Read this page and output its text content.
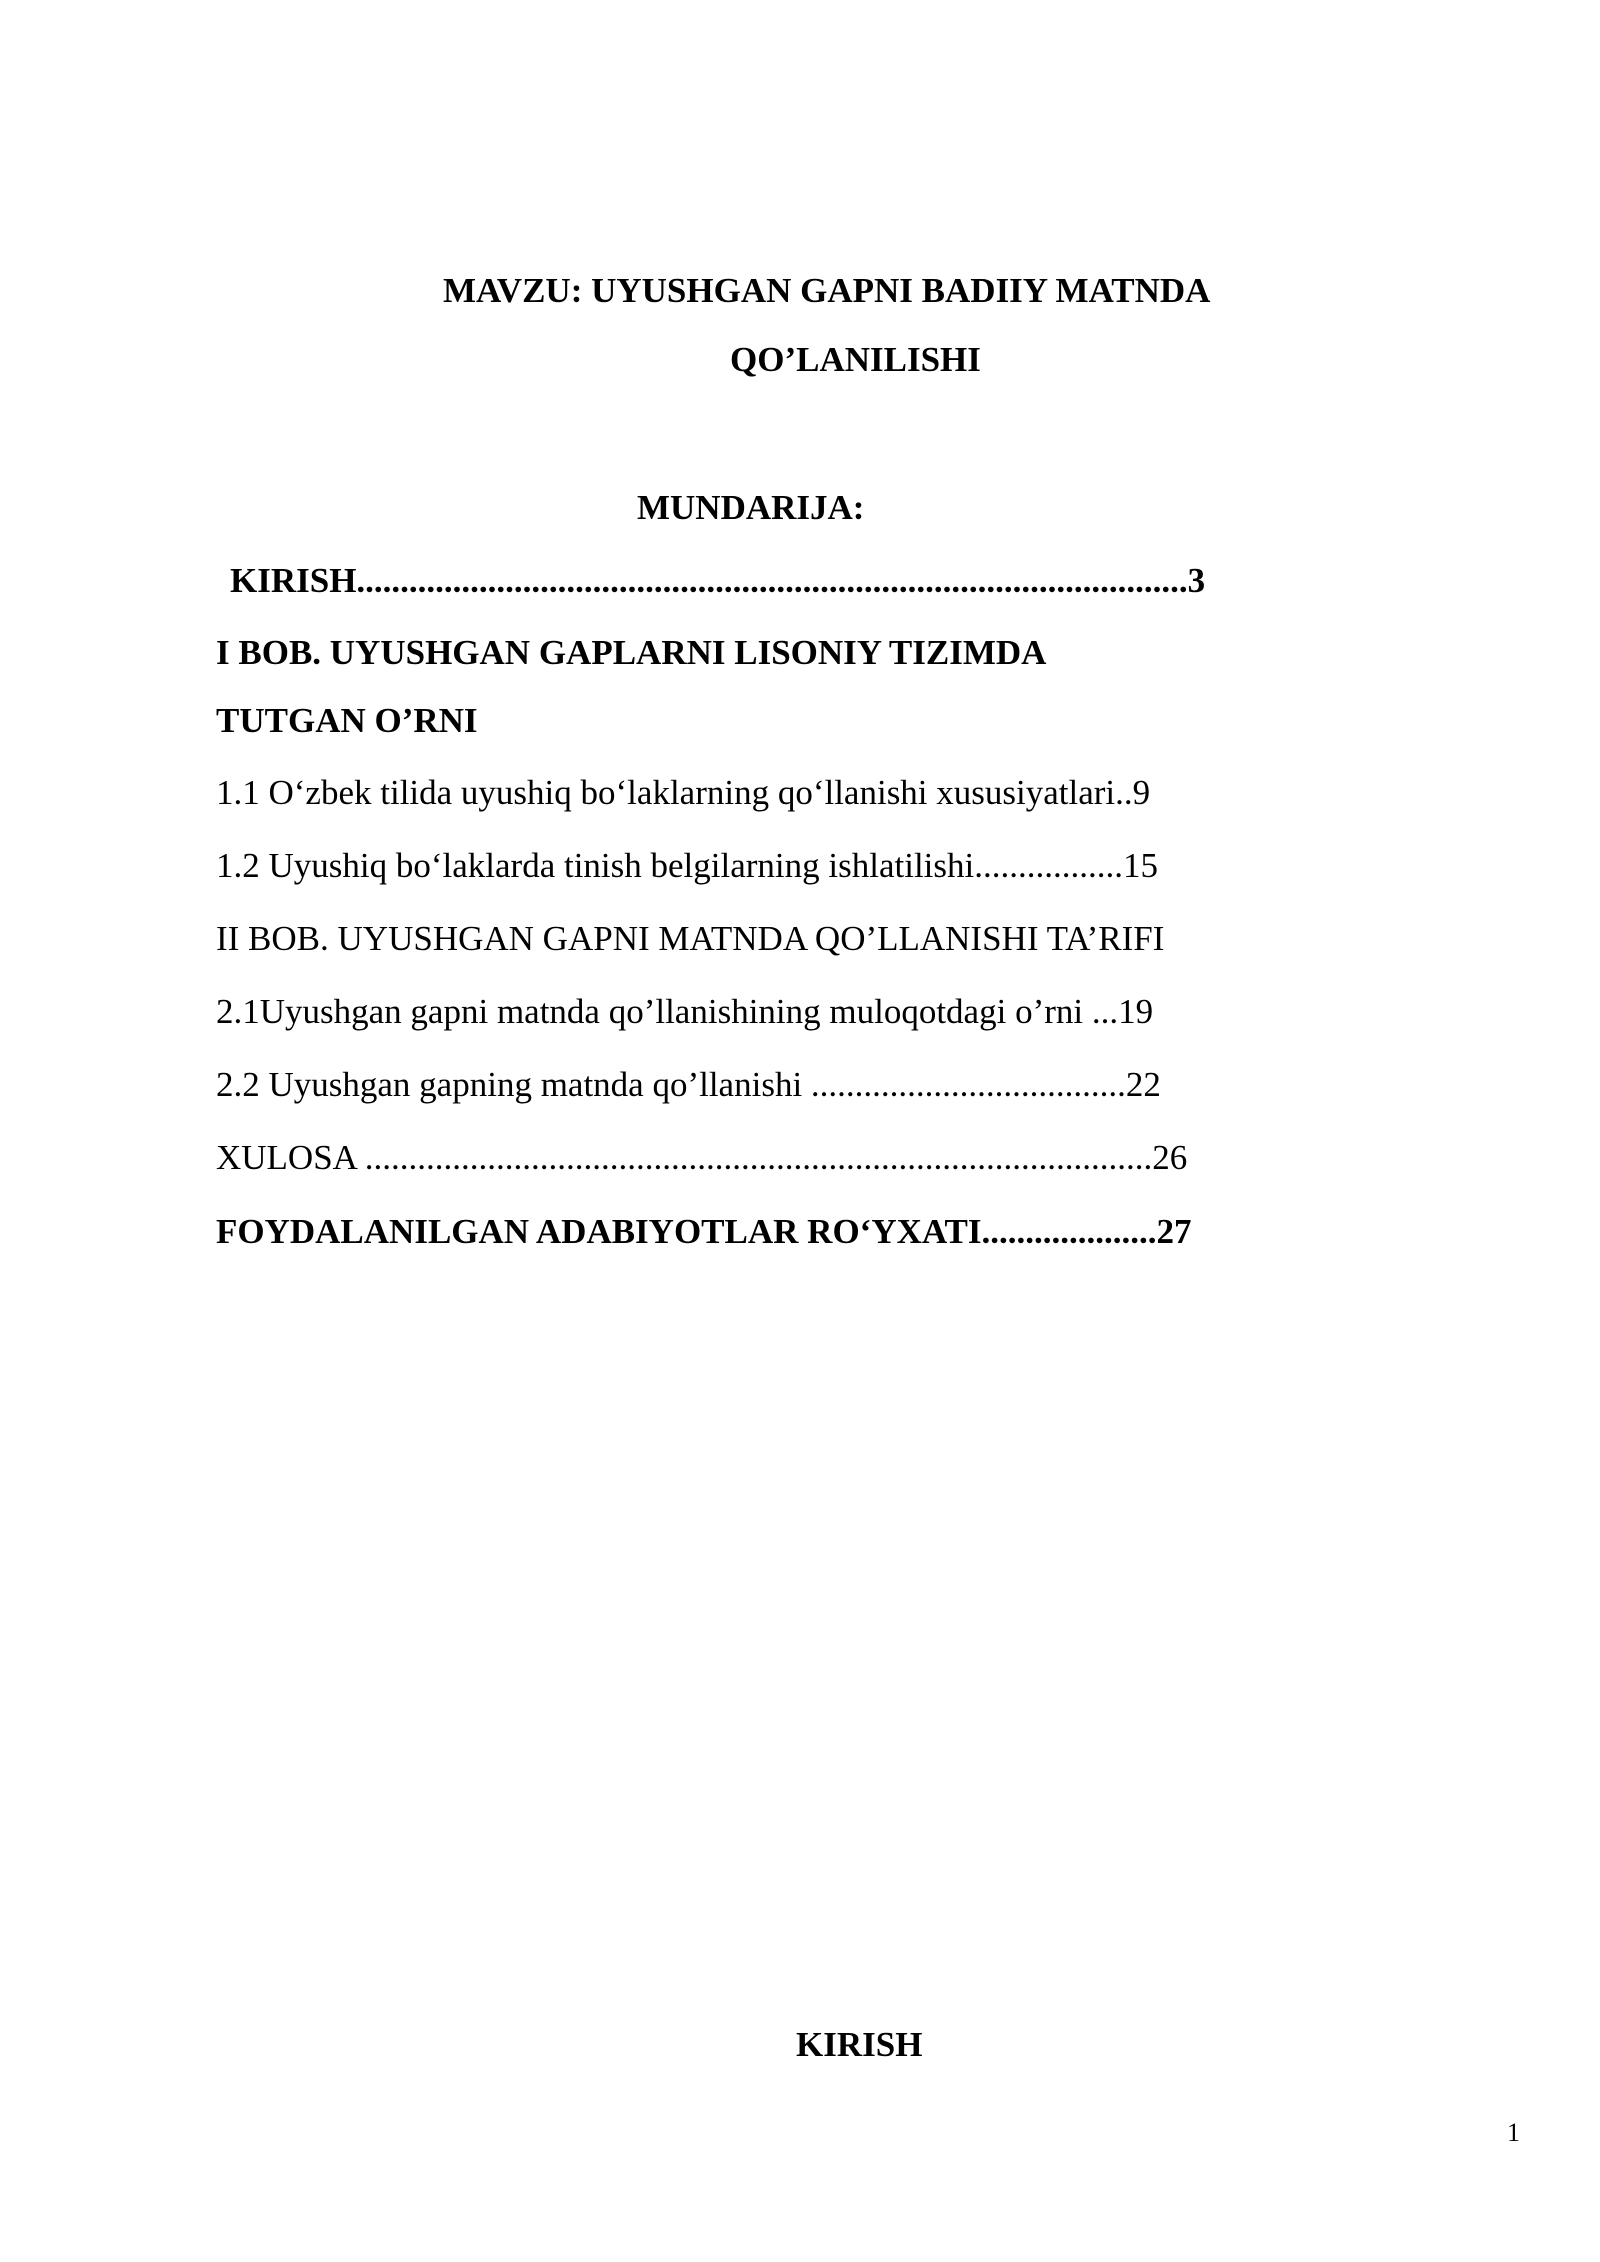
MAVZU: UYUSHGAN GAPNI BADIIY MATNDA
QO’LANILISHI
MUNDARIJA:
KIRISH...............................................................................................3
I BOB. UYUSHGAN GAPLARNI LISONIY TIZIMDA
TUTGAN O’RNI
1.1 O‘zbek tilida uyushiq bo‘laklarning qo‘llanishi xususiyatlari..9
1.2 Uyushiq bo‘laklarda tinish belgilarning ishlatilishi.................15
II BOB. UYUSHGAN GAPNI MATNDA QO’LLANISHI TA’RIFI
2.1Uyushgan gapni matnda qo’llanishining muloqotdagi o’rni ...19
2.2 Uyushgan gapning matnda qo’llanishi ....................................22
XULOSA ..........................................................................................26
FOYDALANILGAN ADABIYOTLAR RO‘YXATI....................27
KIRISH
1
